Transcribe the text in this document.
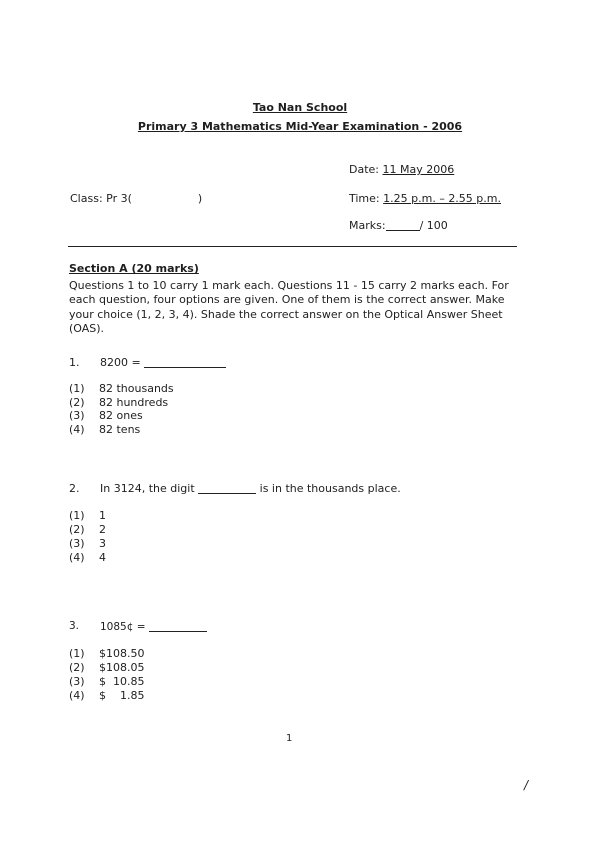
Tao Nan School
Primary 3 Mathematics Mid-Year Examination - 2006
Date: 11 May 2006
Class: Pr 3(	)	Time: 1.25 p.m. – 2.55 p.m.
Marks:	/ 100
Section A (20 marks)
Questions 1 to 10 carry 1 mark each. Questions 11 - 15 carry 2 marks each. For each question, four options are given. One of them is the correct answer. Make your choice (1, 2, 3, 4). Shade the correct answer on the Optical Answer Sheet (OAS).
1. 8200 =
(1) 82 thousands
(2) 82 hundreds
(3) 82 ones
(4) 82 tens
2. In 3124, the digit	is in the thousands place.
(1) 1
(2) 2
(3) 3
(4) 4
3. 1085¢ =
(1) $108.50
(2) $108.05
(3) $  10.85
(4) $    1.85
1
/
